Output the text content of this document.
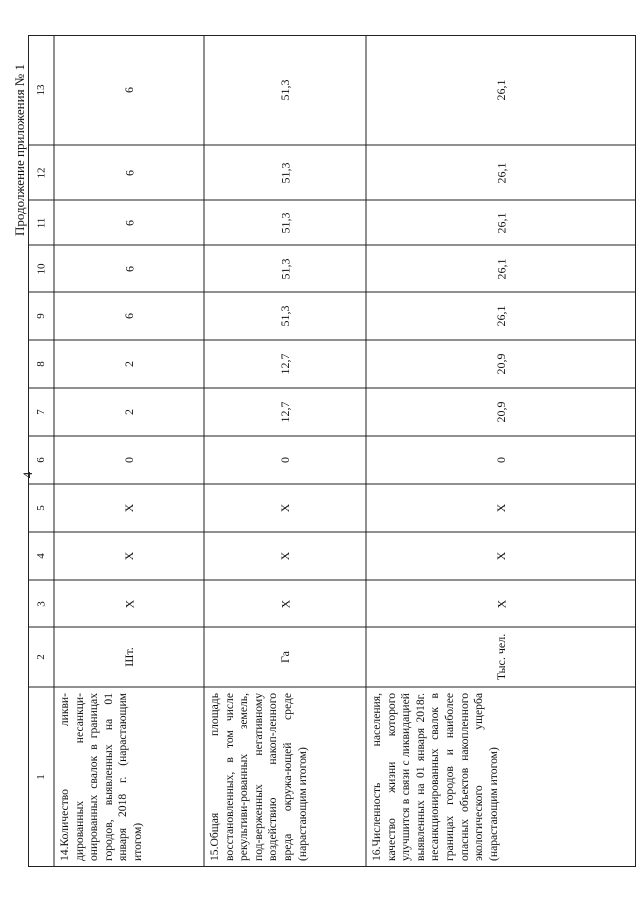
4
Продолжение приложения № 1
1
2
3
4
5
6
7
8
9
10
11
12
13
14.Количество ликви-дированных несанкци-онированных свалок в границах городов, выявленных на 01 января 2018 г. (нарастающим итогом)
Шт.
Х
Х
Х
0
2
2
6
6
6
6
6
15.Общая площадь восстановленных, в том числе рекультиви-рованных земель, под-верженных негативному воздействию накоп-ленного вреда окружа-ющей среде (нарастающим итогом)
Га
Х
Х
Х
0
12,7
12,7
51,3
51,3
51,3
51,3
51,3
16.Численность населения, качество жизни которого улучшится в связи с ликвидацией выявленных на 01 января 2018г. несанкционированных свалок в границах городов и наиболее опасных объектов накопленного экологического ущерба (нарастающим итогом)
Тыс. чел.
Х
Х
Х
0
20,9
20,9
26,1
26,1
26,1
26,1
26,1
